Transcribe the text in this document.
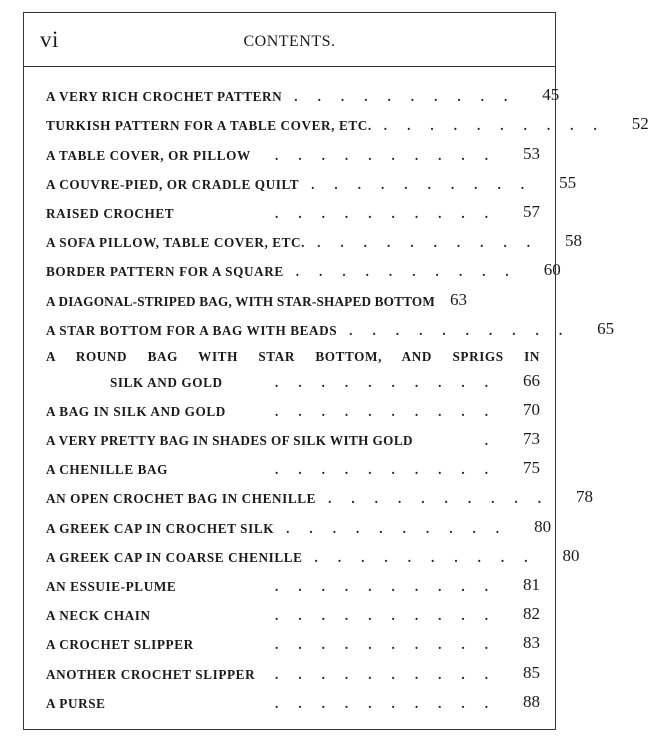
vi	CONTENTS.
A VERY RICH CROCHET PATTERN .......... 45
TURKISH PATTERN FOR A TABLE COVER, ETC. .......... 52
A TABLE COVER, OR PILLOW	.......... 53
A COUVRE-PIED, OR CRADLE QUILT .......... 55
RAISED CROCHET	.......... 57
A SOFA PILLOW, TABLE COVER, ETC. .......... 58
BORDER PATTERN FOR A SQUARE .......... 60
A DIAGONAL-STRIPED BAG, WITH STAR-SHAPED BOTTOM 63
A STAR BOTTOM FOR A BAG WITH BEADS .......... 65
A ROUND BAG WITH STAR BOTTOM, AND SPRIGS IN
SILK AND GOLD	.......... 66
A BAG IN SILK AND GOLD	.......... 70
A VERY PRETTY BAG IN SHADES OF SILK WITH GOLD	. 73
A CHENILLE BAG	.......... 75
AN OPEN CROCHET BAG IN CHENILLE .......... 78
A GREEK CAP IN CROCHET SILK .......... 80
A GREEK CAP IN COARSE CHENILLE .......... 80
AN ESSUIE-PLUME	.......... 81
A NECK CHAIN	.......... 82
A CROCHET SLIPPER	.......... 83
ANOTHER CROCHET SLIPPER	.......... 85
A PURSE	.......... 88
